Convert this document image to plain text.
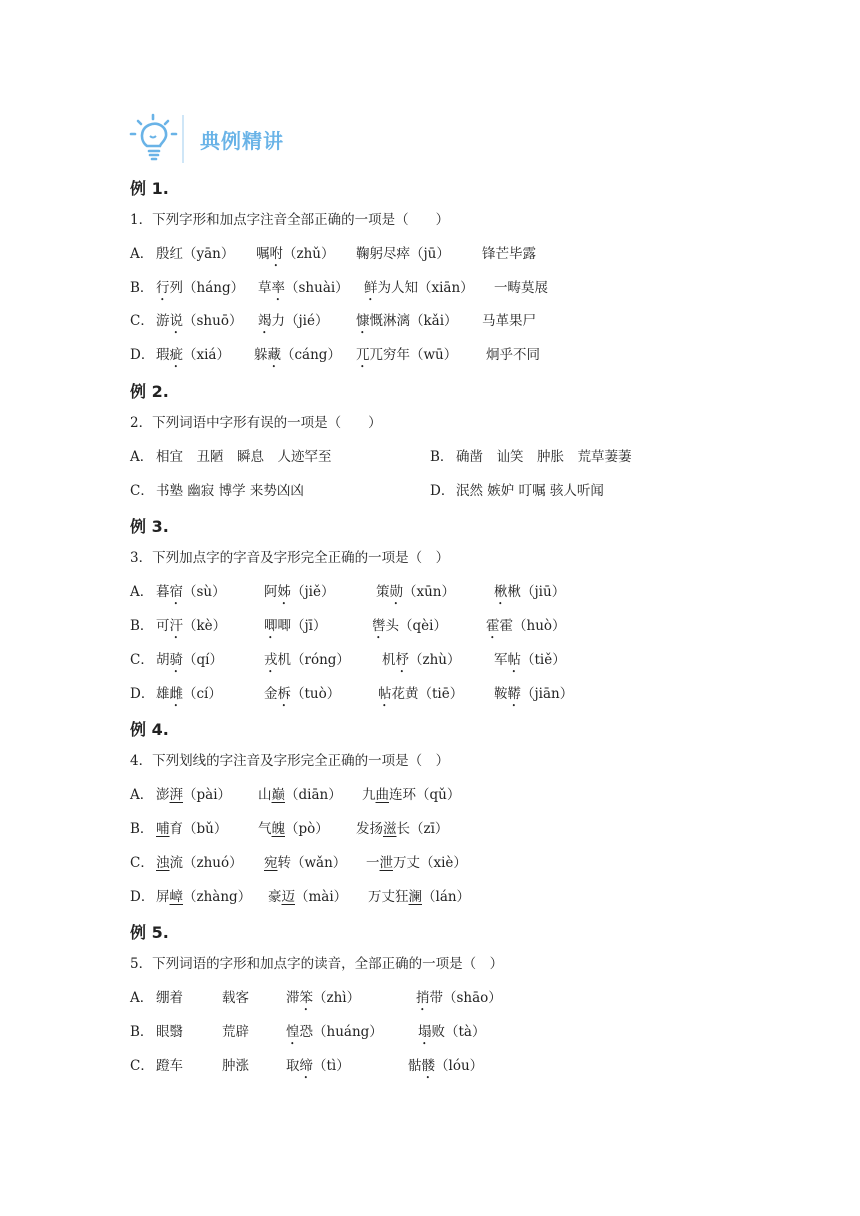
典例精讲
例 1.
1．下列字形和加点字注音全部正确的一项是（　　）
A． 殷红（yān） 嘱咐（zhǔ） 鞠躬尽瘁（jū） 锋芒毕露
B． 行列（háng） 草率（shuài） 鲜为人知（xiān） 一畴莫展
C． 游说（shuō） 竭力（jié） 慷慨淋漓（kǎi） 马革果尸
D． 瑕疵（xiá） 躲藏（cáng） 兀兀穷年（wū） 炯乎不同
例 2.
2．下列词语中字形有误的一项是（　　）
A． 相宜　丑陋　瞬息　人迹罕至	B． 确凿　讪笑　肿胀　荒草萋萋
C． 书塾 幽寂 博学 来势凶凶	D． 泯然 嫉妒 叮嘱 骇人听闻
例 3.
3．下列加点字的字音及字形完全正确的一项是（　）
A． 暮宿（sù）	阿姊（jiě）	策勋（xūn）	楸楸（jiū）
B． 可汗（kè）	唧唧（jī）	辔头（qèi）	霍霍（huò）
C． 胡骑（qí）	戎机（róng） 机杼（zhù） 军帖（tiě）
D． 雄雌（cí）	金柝（tuò）	帖花黄（tiē） 鞍鞯（jiān）
例 4.
4．下列划线的字注音及字形完全正确的一项是（　）
A． 澎湃（pài） 山巅（diān） 九曲连环（qǔ）
B． 哺育（bǔ） 气魄（pò） 发扬滋长（zī）
C． 浊流（zhuó） 宛转（wǎn） 一泄万丈（xiè）
D． 屏嶂（zhàng） 豪迈（mài） 万丈狂澜（lán）
例 5.
5．下列词语的字形和加点字的读音，全部正确的一项是（　）
A． 绷着	载客	滞笨（zhì）	捎带（shāo）
B． 眼翳	荒辟	惶恐（huáng）	塌败（tà）
C． 蹬车	肿涨	取缔（tì）	骷髅（lóu）
